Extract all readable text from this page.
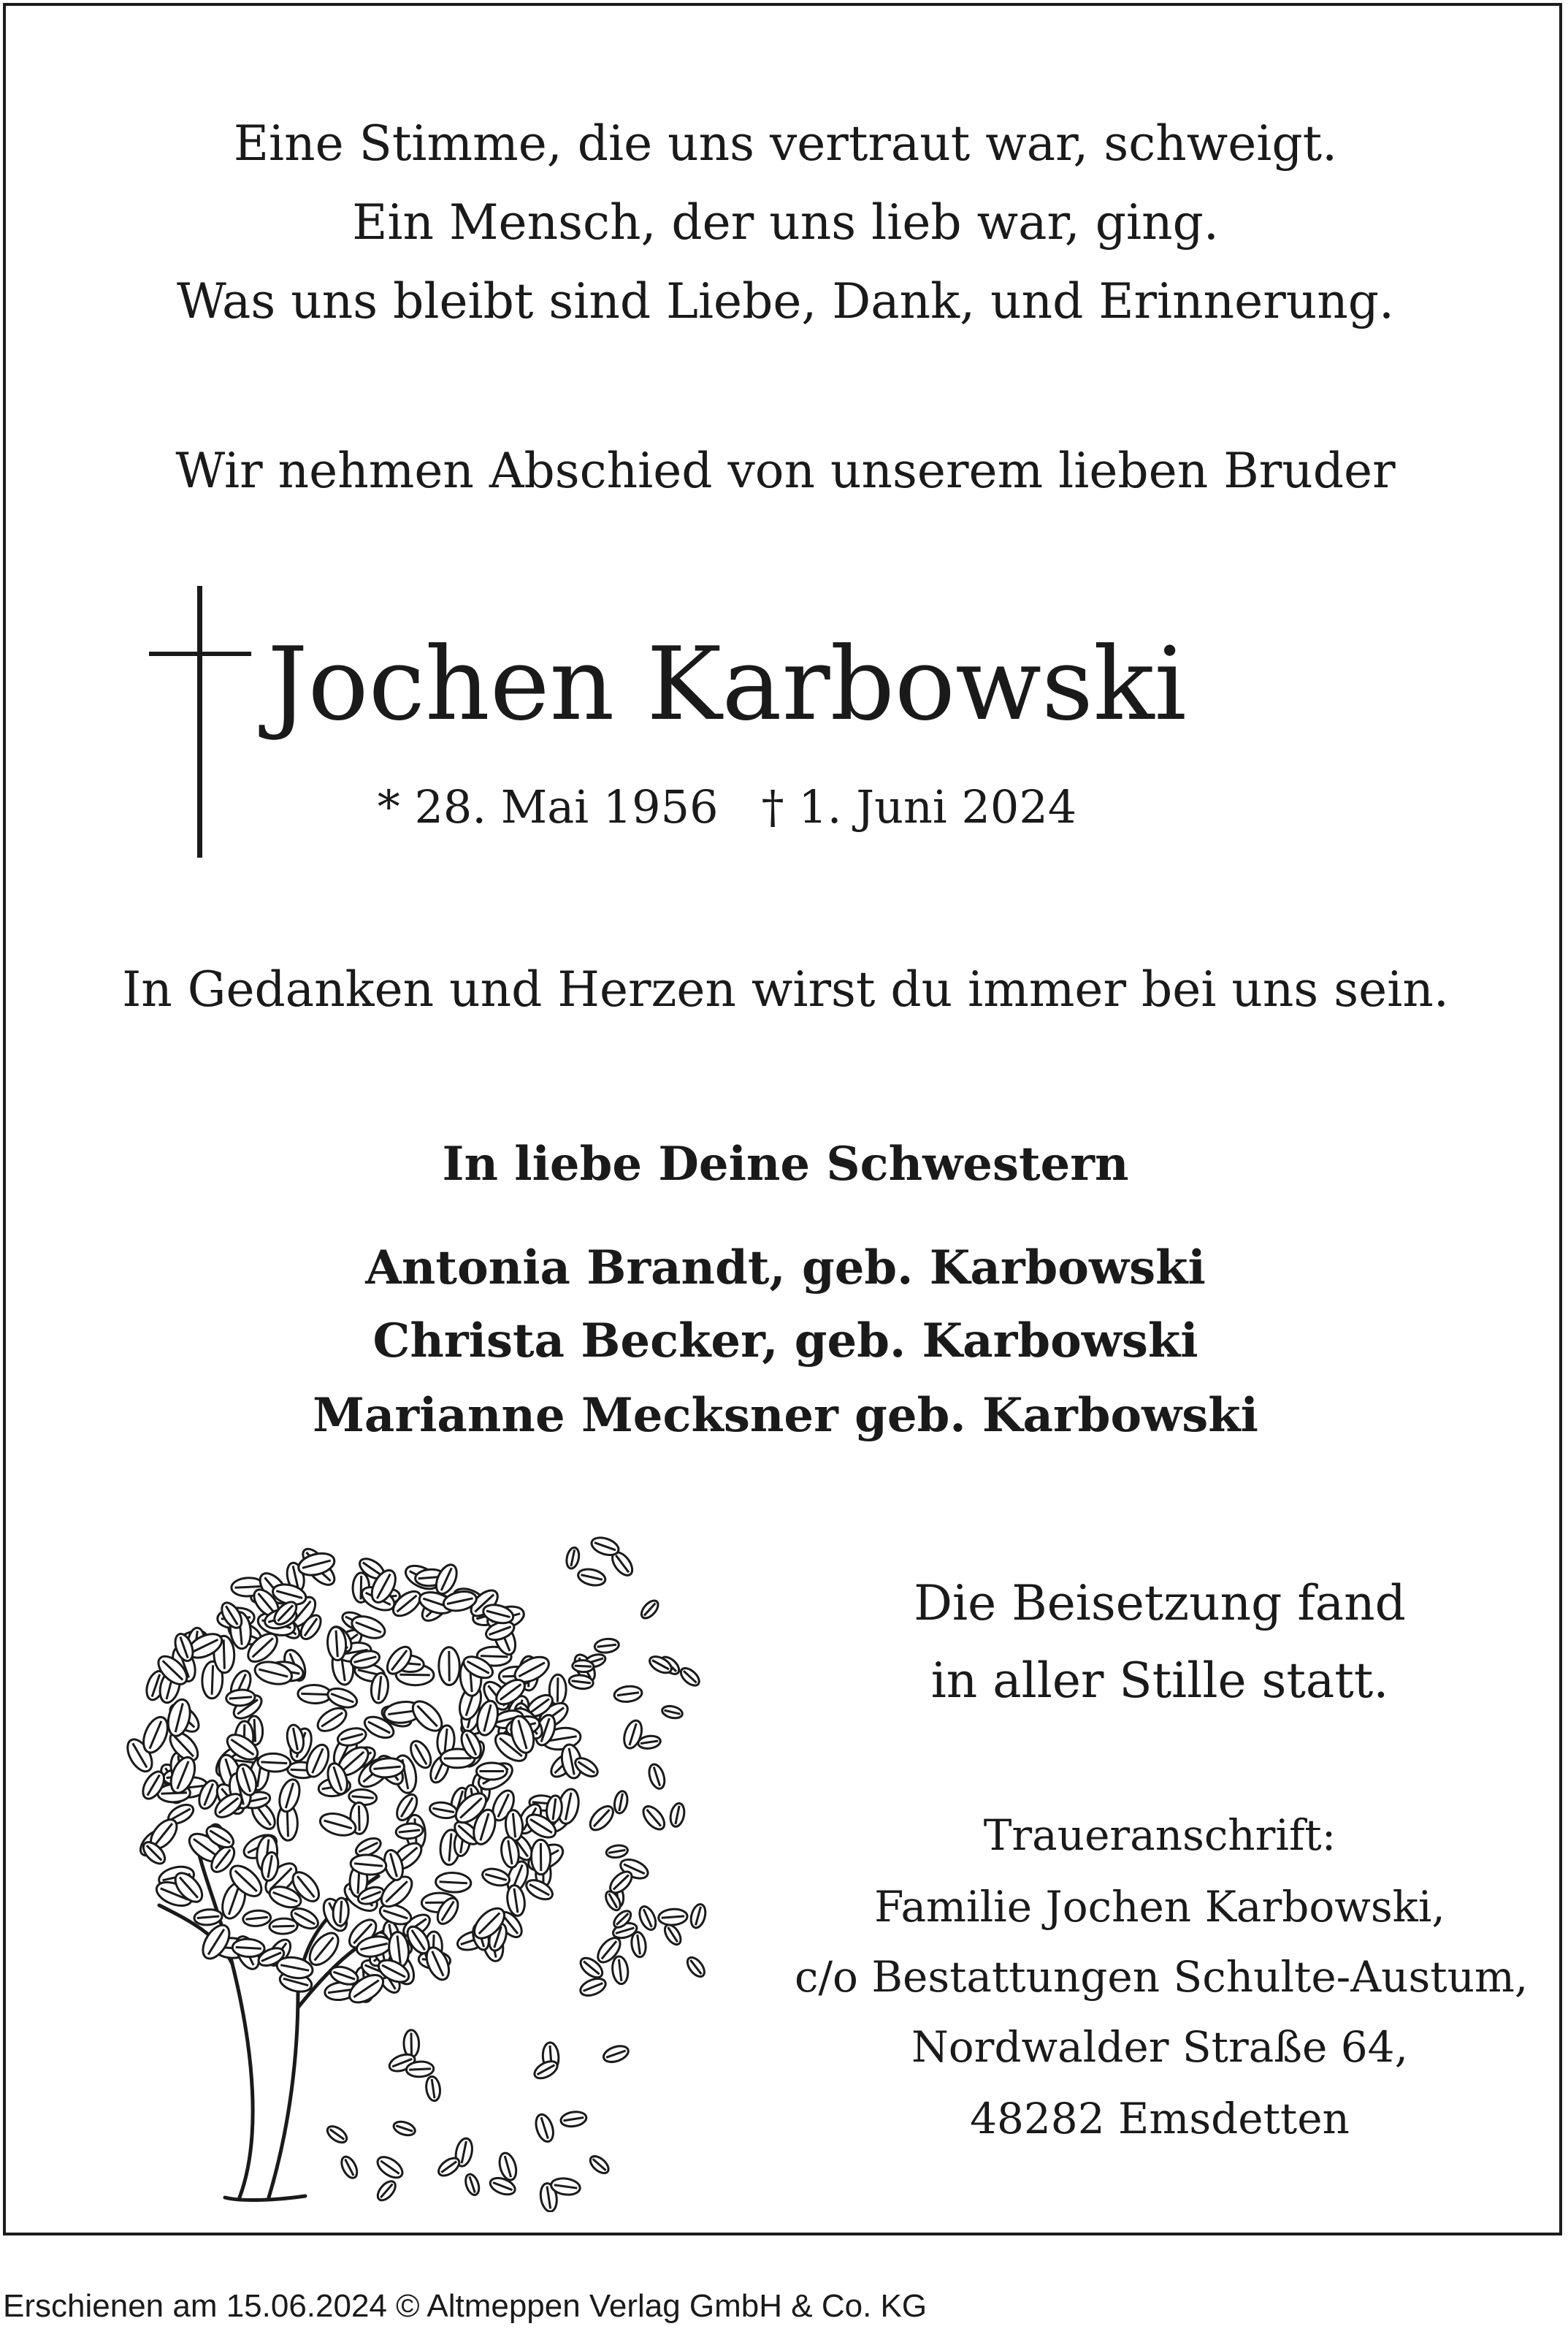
Eine Stimme, die uns vertraut war, schweigt.
Ein Mensch, der uns lieb war, ging.
Was uns bleibt sind Liebe, Dank, und Erinnerung.
Wir nehmen Abschied von unserem lieben Bruder
Jochen Karbowski
* 28. Mai 1956   † 1. Juni 2024
In Gedanken und Herzen wirst du immer bei uns sein.
In liebe Deine Schwestern
Antonia Brandt, geb. Karbowski
Christa Becker, geb. Karbowski
Marianne Mecksner geb. Karbowski
Die Beisetzung fand
in aller Stille statt.
Traueranschrift:
Familie Jochen Karbowski,
c/o Bestattungen Schulte-Austum,
Nordwalder Straße 64,
48282 Emsdetten
Erschienen am 15.06.2024 © Altmeppen Verlag GmbH & Co. KG
